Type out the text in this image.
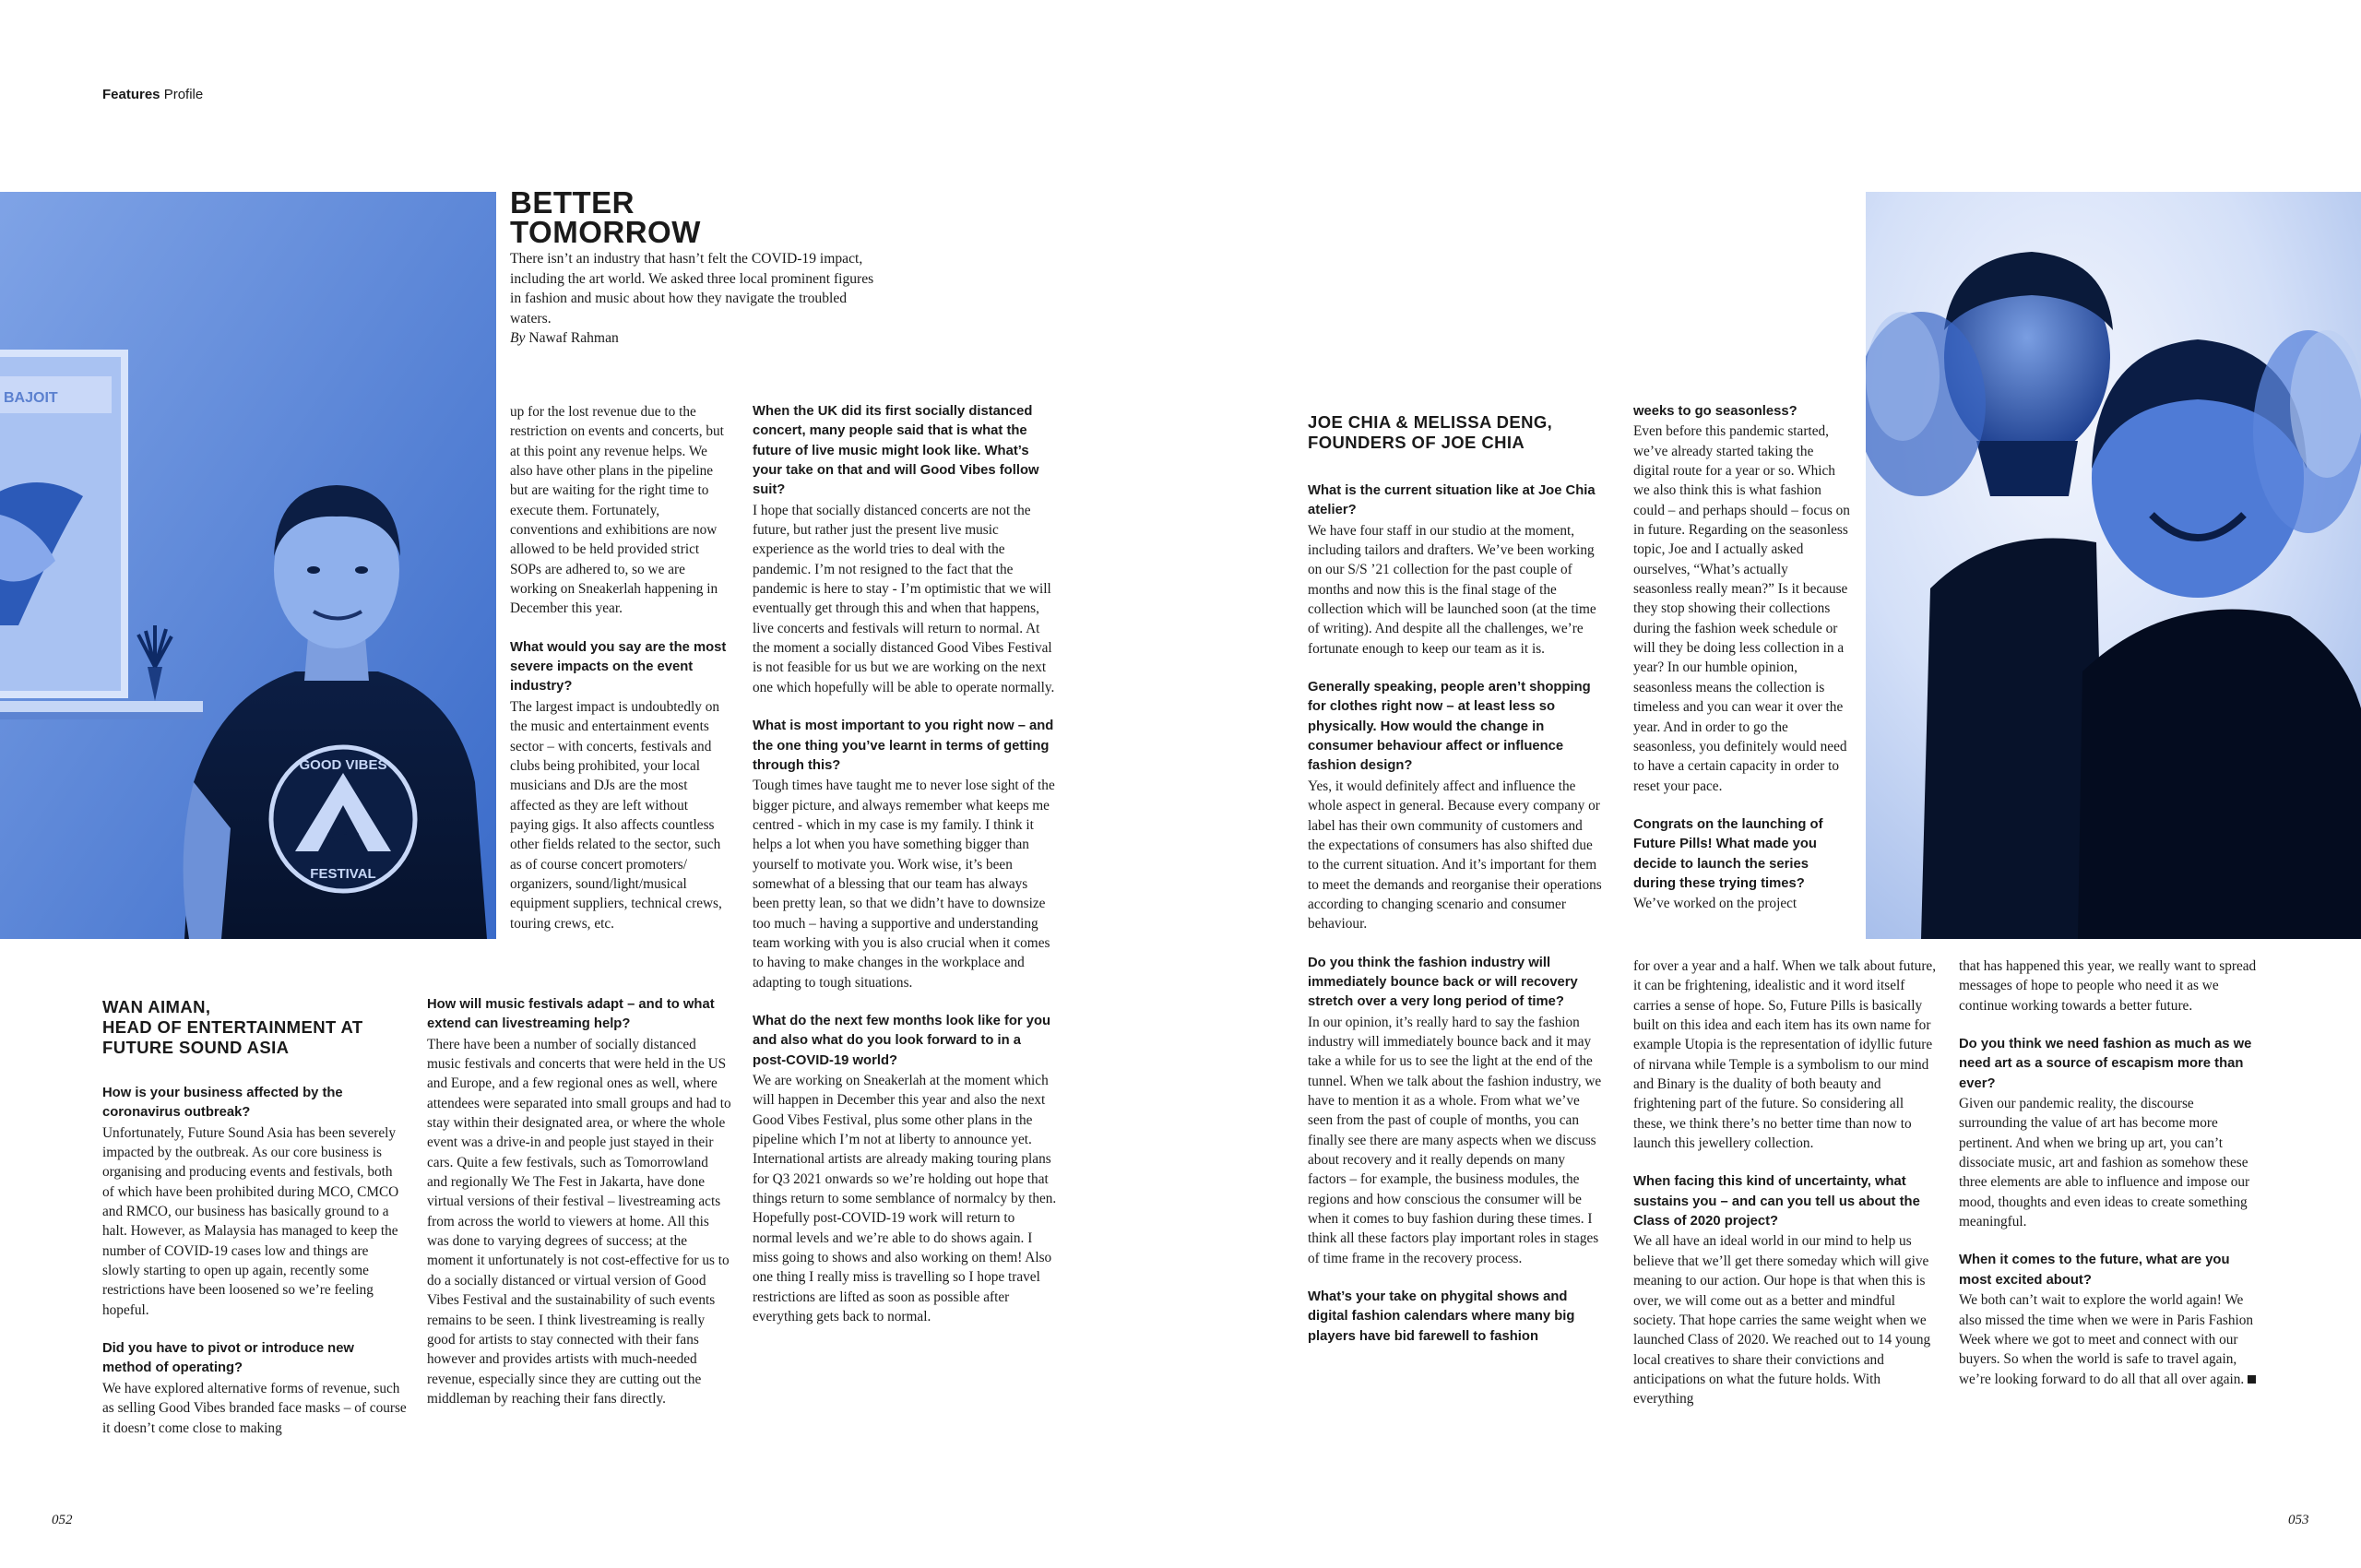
Features Profile
BAJOIT
GOOD VIBES
2018
FESTIVAL
BETTER
TOMORROW
There isn’t an industry that hasn’t felt the COVID-19 impact, including the art world. We asked three local prominent figures in fashion and music about how they navigate the troubled waters.
By Nawaf Rahman
WAN AIMAN,
HEAD OF ENTERTAINMENT AT
FUTURE SOUND ASIA

How is your business affected by the coronavirus outbreak?

Unfortunately, Future Sound Asia has been severely impacted by the outbreak. As our core business is organising and producing events and festivals, both of which have been prohibited during MCO, CMCO and RMCO, our business has basically ground to a halt. However, as Malaysia has managed to keep the number of COVID-19 cases low and things are slowly starting to open up again, recently some restrictions have been loosened so we’re feeling hopeful.

Did you have to pivot or introduce new method of operating?

We have explored alternative forms of revenue, such as selling Good Vibes branded face masks – of course it doesn’t come close to making

How will music festivals adapt – and to what extend can livestreaming help?

There have been a number of socially distanced music festivals and concerts that were held in the US and Europe, and a few regional ones as well, where attendees were separated into small groups and had to stay within their designated area, or where the whole event was a drive-in and people just stayed in their cars. Quite a few festivals, such as Tomorrowland and regionally We The Fest in Jakarta, have done virtual versions of their festival – livestreaming acts from across the world to viewers at home. All this was done to varying degrees of success; at the moment it unfortunately is not cost-effective for us to do a socially distanced or virtual version of Good Vibes Festival and the sustainability of such events remains to be seen. I think livestreaming is really good for artists to stay connected with their fans however and provides artists with much-needed revenue, especially since they are cutting out the middleman by reaching their fans directly.

up for the lost revenue due to the restriction on events and concerts, but at this point any revenue helps. We also have other plans in the pipeline but are waiting for the right time to execute them. Fortunately, conventions and exhibitions are now allowed to be held provided strict SOPs are adhered to, so we are working on Sneakerlah happening in December this year.

What would you say are the most severe impacts on the event industry?

The largest impact is undoubtedly on the music and entertainment events sector – with concerts, festivals and clubs being prohibited, your local musicians and DJs are the most affected as they are left without paying gigs. It also affects countless other fields related to the sector, such as of course concert promoters/ organizers, sound/light/musical equipment suppliers, technical crews, touring crews, etc.

When the UK did its first socially distanced concert, many people said that is what the future of live music might look like. What’s your take on that and will Good Vibes follow suit?

I hope that socially distanced concerts are not the future, but rather just the present live music experience as the world tries to deal with the pandemic. I’m not resigned to the fact that the pandemic is here to stay - I’m optimistic that we will eventually get through this and when that happens, live concerts and festivals will return to normal. At the moment a socially distanced Good Vibes Festival is not feasible for us but we are working on the next one which hopefully will be able to operate normally.

What is most important to you right now – and the one thing you’ve learnt in terms of getting through this?

Tough times have taught me to never lose sight of the bigger picture, and always remember what keeps me centred - which in my case is my family. I think it helps a lot when you have something bigger than yourself to motivate you. Work wise, it’s been somewhat of a blessing that our team has always been pretty lean, so that we didn’t have to downsize too much – having a supportive and understanding team working with you is also crucial when it comes to having to make changes in the workplace and adapting to tough situations.

What do the next few months look like for you and also what do you look forward to in a post-COVID-19 world?

We are working on Sneakerlah at the moment which will happen in December this year and also the next Good Vibes Festival, plus some other plans in the pipeline which I’m not at liberty to announce yet. International artists are already making touring plans for Q3 2021 onwards so we’re holding out hope that things return to some semblance of normalcy by then. Hopefully post-COVID-19 work will return to normal levels and we’re able to do shows again. I miss going to shows and also working on them! Also one thing I really miss is travelling so I hope travel restrictions are lifted as soon as possible after everything gets back to normal.

JOE CHIA & MELISSA DENG,
FOUNDERS OF JOE CHIA

What is the current situation like at Joe Chia atelier?

We have four staff in our studio at the moment, including tailors and drafters. We’ve been working on our S/S ’21 collection for the past couple of months and now this is the final stage of the collection which will be launched soon (at the time of writing). And despite all the challenges, we’re fortunate enough to keep our team as it is.

Generally speaking, people aren’t shopping for clothes right now – at least less so physically. How would the change in consumer behaviour affect or influence fashion design?

Yes, it would definitely affect and influence the whole aspect in general. Because every company or label has their own community of customers and the expectations of consumers has also shifted due to the current situation. And it’s important for them to meet the demands and reorganise their operations according to changing scenario and consumer behaviour.

Do you think the fashion industry will immediately bounce back or will recovery stretch over a very long period of time?

In our opinion, it’s really hard to say the fashion industry will immediately bounce back and it may take a while for us to see the light at the end of the tunnel. When we talk about the fashion industry, we have to mention it as a whole. From what we’ve seen from the past of couple of months, you can finally see there are many aspects when we discuss about recovery and it really depends on many factors – for example, the business modules, the regions and how conscious the consumer will be when it comes to buy fashion during these times. I think all these factors play important roles in stages of time frame in the recovery process.

What’s your take on phygital shows and digital fashion calendars where many big players have bid farewell to fashion

weeks to go seasonless?

Even before this pandemic started, we’ve already started taking the digital route for a year or so. Which we also think this is what fashion could – and perhaps should – focus on in future. Regarding on the seasonless topic, Joe and I actually asked ourselves, “What’s actually seasonless really mean?” Is it because they stop showing their collections during the fashion week schedule or will they be doing less collection in a year? In our humble opinion, seasonless means the collection is timeless and you can wear it over the year. And in order to go the seasonless, you definitely would need to have a certain capacity in order to reset your pace.

Congrats on the launching of Future Pills! What made you decide to launch the series during these trying times?

We’ve worked on the project

for over a year and a half. When we talk about future, it can be frightening, idealistic and it word itself carries a sense of hope. So, Future Pills is basically built on this idea and each item has its own name for example Utopia is the representation of idyllic future of nirvana while Temple is a symbolism to our mind and Binary is the duality of both beauty and frightening part of the future. So considering all these, we think there’s no better time than now to launch this jewellery collection.

When facing this kind of uncertainty, what sustains you – and can you tell us about the Class of 2020 project?

We all have an ideal world in our mind to help us believe that we’ll get there someday which will give meaning to our action. Our hope is that when this is over, we will come out as a better and mindful society. That hope carries the same weight when we launched Class of 2020. We reached out to 14 young local creatives to share their convictions and anticipations on what the future holds. With everything

that has happened this year, we really want to spread messages of hope to people who need it as we continue working towards a better future.

Do you think we need fashion as much as we need art as a source of escapism more than ever?

Given our pandemic reality, the discourse surrounding the value of art has become more pertinent. And when we bring up art, you can’t dissociate music, art and fashion as somehow these three elements are able to influence and impose our mood, thoughts and even ideas to create something meaningful.

When it comes to the future, what are you most excited about?

We both can’t wait to explore the world again! We also missed the time when we were in Paris Fashion Week where we got to meet and connect with our buyers. So when the world is safe to travel again, we’re looking forward to do all that all over again.

052	053
